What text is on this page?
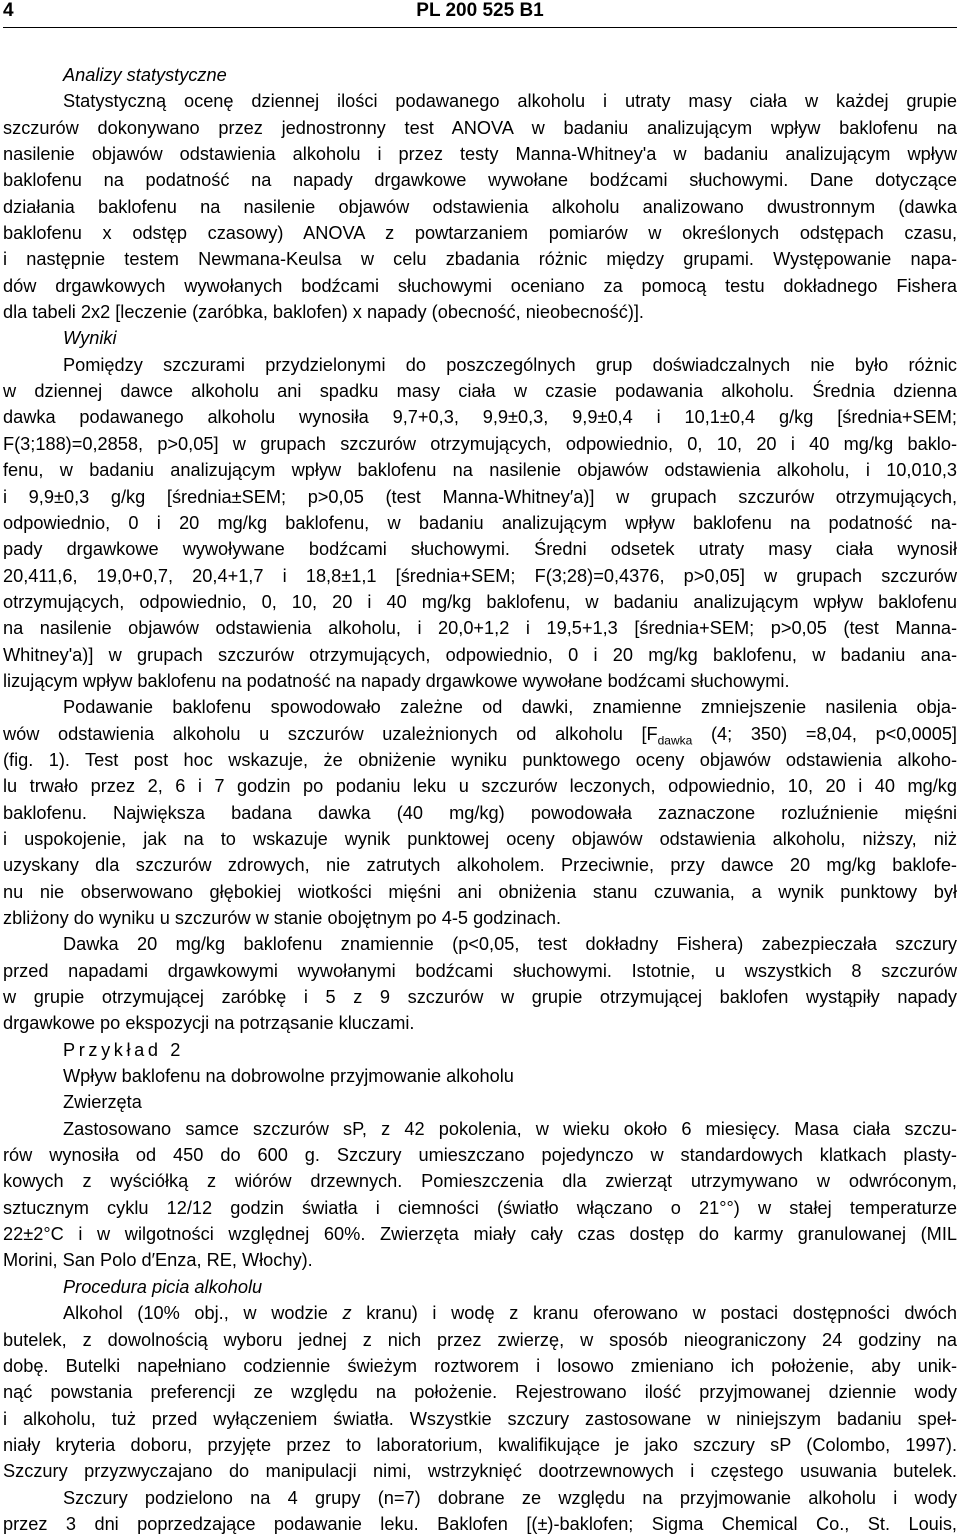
4	PL 200 525 B1
Analizy statystyczne
Statystyczną ocenę dziennej ilości podawanego alkoholu i utraty masy ciała w każdej grupie
szczurów dokonywano przez jednostronny test ANOVA w badaniu analizującym wpływ baklofenu na
nasilenie objawów odstawienia alkoholu i przez testy Manna-Whitney'a w badaniu analizującym wpływ
baklofenu na podatność na napady drgawkowe wywołane bodźcami słuchowymi. Dane dotyczące
działania baklofenu na nasilenie objawów odstawienia alkoholu analizowano dwustronnym (dawka
baklofenu x odstęp czasowy) ANOVA z powtarzaniem pomiarów w określonych odstępach czasu,
i następnie testem Newmana-Keulsa w celu zbadania różnic między grupami. Występowanie napa-
dów drgawkowych wywołanych bodźcami słuchowymi oceniano za pomocą testu dokładnego Fishera
dla tabeli 2x2 [leczenie (zaróbka, baklofen) x napady (obecność, nieobecność)].
Wyniki
Pomiędzy szczurami przydzielonymi do poszczególnych grup doświadczalnych nie było różnic
w dziennej dawce alkoholu ani spadku masy ciała w czasie podawania alkoholu. Średnia dzienna
dawka podawanego alkoholu wynosiła 9,7+0,3, 9,9±0,3, 9,9±0,4 i 10,1±0,4 g/kg [średnia+SEM;
F(3;188)=0,2858, p>0,05] w grupach szczurów otrzymujących, odpowiednio, 0, 10, 20 i 40 mg/kg baklo-
fenu, w badaniu analizującym wpływ baklofenu na nasilenie objawów odstawienia alkoholu, i 10,010,3
i 9,9±0,3 g/kg [średnia±SEM; p>0,05 (test Manna-Whitney′a)] w grupach szczurów otrzymujących,
odpowiednio, 0 i 20 mg/kg baklofenu, w badaniu analizującym wpływ baklofenu na podatność na-
pady drgawkowe wywoływane bodźcami słuchowymi. Średni odsetek utraty masy ciała wynosił
20,411,6, 19,0+0,7, 20,4+1,7 i 18,8±1,1 [średnia+SEM; F(3;28)=0,4376, p>0,05] w grupach szczurów
otrzymujących, odpowiednio, 0, 10, 20 i 40 mg/kg baklofenu, w badaniu analizującym wpływ baklofenu
na nasilenie objawów odstawienia alkoholu, i 20,0+1,2 i 19,5+1,3 [średnia+SEM; p>0,05 (test Manna-
Whitney'a)] w grupach szczurów otrzymujących, odpowiednio, 0 i 20 mg/kg baklofenu, w badaniu ana-
lizującym wpływ baklofenu na podatność na napady drgawkowe wywołane bodźcami słuchowymi.
Podawanie baklofenu spowodowało zależne od dawki, znamienne zmniejszenie nasilenia obja-
wów odstawienia alkoholu u szczurów uzależnionych od alkoholu [$F_{dawka}$ (4; 350) =8,04, p<0,0005]
(fig. 1). Test post hoc wskazuje, że obniżenie wyniku punktowego oceny objawów odstawienia alkoho-
lu trwało przez 2, 6 i 7 godzin po podaniu leku u szczurów leczonych, odpowiednio, 10, 20 i 40 mg/kg
baklofenu. Największa badana dawka (40 mg/kg) powodowała zaznaczone rozluźnienie mięśni
i uspokojenie, jak na to wskazuje wynik punktowej oceny objawów odstawienia alkoholu, niższy, niż
uzyskany dla szczurów zdrowych, nie zatrutych alkoholem. Przeciwnie, przy dawce 20 mg/kg baklofe-
nu nie obserwowano głębokiej wiotkości mięśni ani obniżenia stanu czuwania, a wynik punktowy był
zbliżony do wyniku u szczurów w stanie obojętnym po 4-5 godzinach.
Dawka 20 mg/kg baklofenu znamiennie (p<0,05, test dokładny Fishera) zabezpieczała szczury
przed napadami drgawkowymi wywołanymi bodźcami słuchowymi. Istotnie, u wszystkich 8 szczurów
w grupie otrzymującej zaróbkę i 5 z 9 szczurów w grupie otrzymującej baklofen wystąpiły napady
drgawkowe po ekspozycji na potrząsanie kluczami.
Przykład 2
Wpływ baklofenu na dobrowolne przyjmowanie alkoholu
Zwierzęta
Zastosowano samce szczurów sP, z 42 pokolenia, w wieku około 6 miesięcy. Masa ciała szczu-
rów wynosiła od 450 do 600 g. Szczury umieszczano pojedynczo w standardowych klatkach plasty-
kowych z wyściółką z wiórów drzewnych. Pomieszczenia dla zwierząt utrzymywano w odwróconym,
sztucznym cyklu 12/12 godzin światła i ciemności (światło włączano o 21°°) w stałej temperaturze
22±2°C i w wilgotności względnej 60%. Zwierzęta miały cały czas dostęp do karmy granulowanej (MIL
Morini, San Polo d′Enza, RE, Włochy).
Procedura picia alkoholu
Alkohol (10% obj., w wodzie z kranu) i wodę z kranu oferowano w postaci dostępności dwóch
butelek, z dowolnością wyboru jednej z nich przez zwierzę, w sposób nieograniczony 24 godziny na
dobę. Butelki napełniano codziennie świeżym roztworem i losowo zmieniano ich położenie, aby unik-
nąć powstania preferencji ze względu na położenie. Rejestrowano ilość przyjmowanej dziennie wody
i alkoholu, tuż przed wyłączeniem światła. Wszystkie szczury zastosowane w niniejszym badaniu speł-
niały kryteria doboru, przyjęte przez to laboratorium, kwalifikujące je jako szczury sP (Colombo, 1997).
Szczury przyzwyczajano do manipulacji nimi, wstrzyknięć dootrzewnowych i częstego usuwania butelek.
Szczury podzielono na 4 grupy (n=7) dobrane ze względu na przyjmowanie alkoholu i wody
przez 3 dni poprzedzające podawanie leku. Baklofen [(±)-baklofen; Sigma Chemical Co., St. Louis,
